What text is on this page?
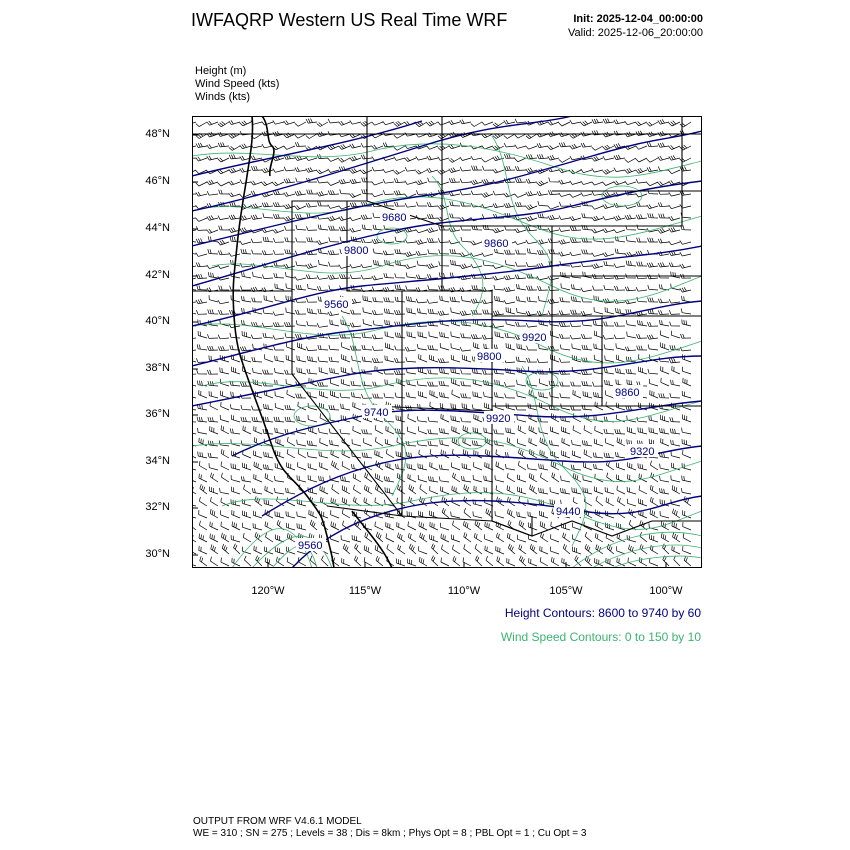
IWFAQRP Western US Real Time WRF	Init: 2025-12-04_00:00:00
Valid: 2025-12-06_20:00:00
Height (m)
Wind Speed (kts)
Winds (kts)
9680
9860
9800
9560
9920
9800
9740	9920
9860
9320
9440
9560
48°N
46°N
44°N
42°N
40°N
38°N
36°N
34°N
32°N
30°N
120°W	115°W	110°W	105°W	100°W
Height Contours: 8600 to 9740 by 60
Wind Speed Contours: 0 to 150 by 10
OUTPUT FROM WRF V4.6.1 MODEL
WE = 310 ; SN = 275 ; Levels = 38 ; Dis = 8km ; Phys Opt = 8 ; PBL Opt = 1 ; Cu Opt = 3
